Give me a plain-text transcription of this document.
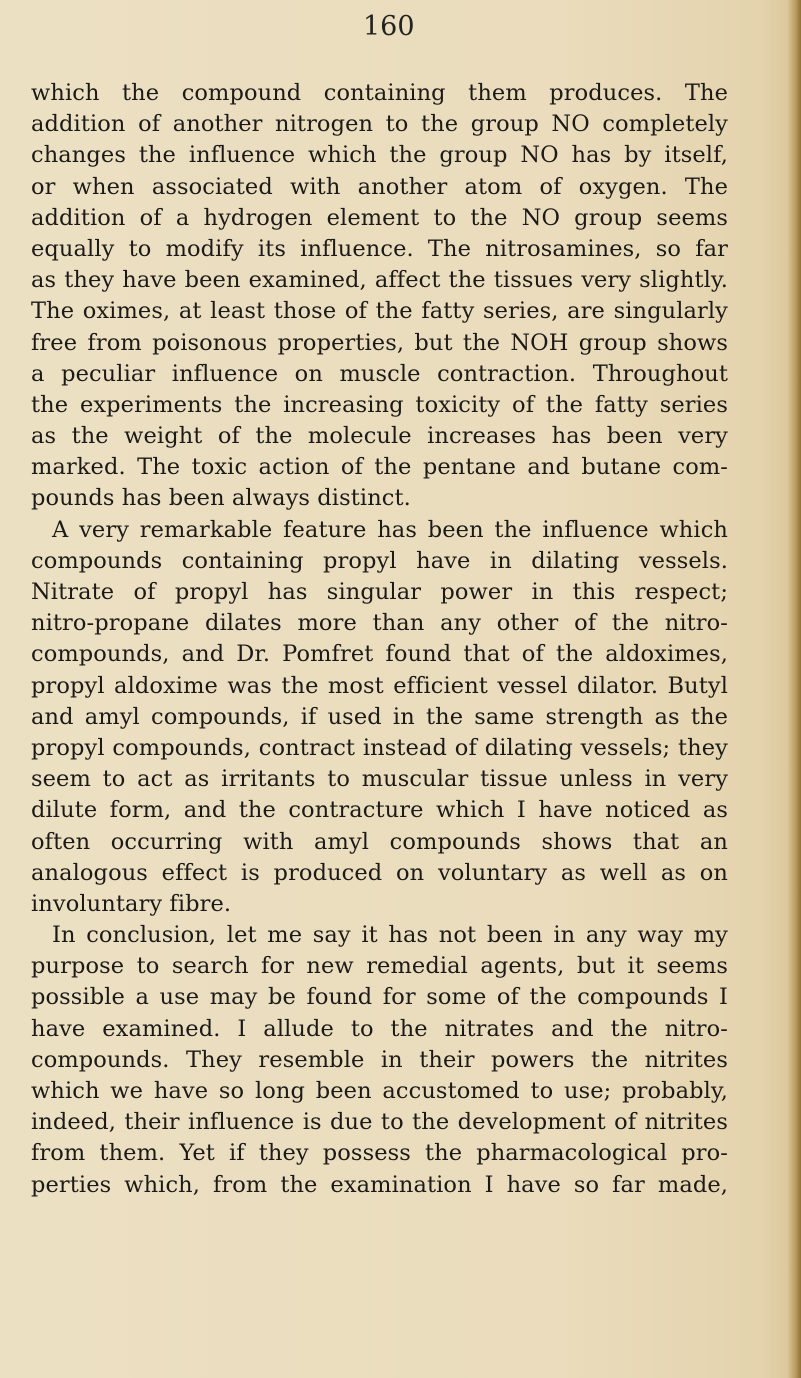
160
which the compound containing them produces. The
addition of another nitrogen to the group NO completely
changes the influence which the group NO has by itself,
or when associated with another atom of oxygen. The
addition of a hydrogen element to the NO group seems
equally to modify its influence. The nitrosamines, so far
as they have been examined, affect the tissues very slightly.
The oximes, at least those of the fatty series, are singularly
free from poisonous properties, but the NOH group shows
a peculiar influence on muscle contraction. Throughout
the experiments the increasing toxicity of the fatty series
as the weight of the molecule increases has been very
marked. The toxic action of the pentane and butane com-
pounds has been always distinct.
A very remarkable feature has been the influence which
compounds containing propyl have in dilating vessels.
Nitrate of propyl has singular power in this respect;
nitro-propane dilates more than any other of the nitro-
compounds, and Dr. Pomfret found that of the aldoximes,
propyl aldoxime was the most efficient vessel dilator. Butyl
and amyl compounds, if used in the same strength as the
propyl compounds, contract instead of dilating vessels; they
seem to act as irritants to muscular tissue unless in very
dilute form, and the contracture which I have noticed as
often occurring with amyl compounds shows that an
analogous effect is produced on voluntary as well as on
involuntary fibre.
In conclusion, let me say it has not been in any way my
purpose to search for new remedial agents, but it seems
possible a use may be found for some of the compounds I
have examined. I allude to the nitrates and the nitro-
compounds. They resemble in their powers the nitrites
which we have so long been accustomed to use; probably,
indeed, their influence is due to the development of nitrites
from them. Yet if they possess the pharmacological pro-
perties which, from the examination I have so far made,
